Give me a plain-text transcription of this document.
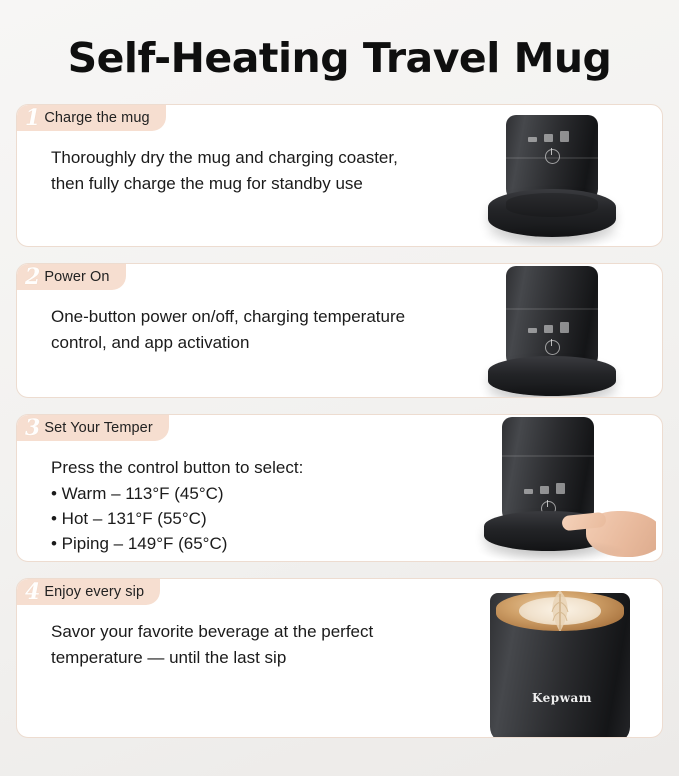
Self-Heating Travel Mug
1 Charge the mug
Thoroughly dry the mug and charging coaster,
then fully charge the mug for standby use
2 Power On
One-button power on/off, charging temperature
control, and app activation
3 Set Your Temper
Press the control button to select:
• Warm – 113°F (45°C)
• Hot – 131°F (55°C)
• Piping – 149°F (65°C)
4 Enjoy every sip
Savor your favorite beverage at the perfect
temperature — until the last sip
Kepwam
